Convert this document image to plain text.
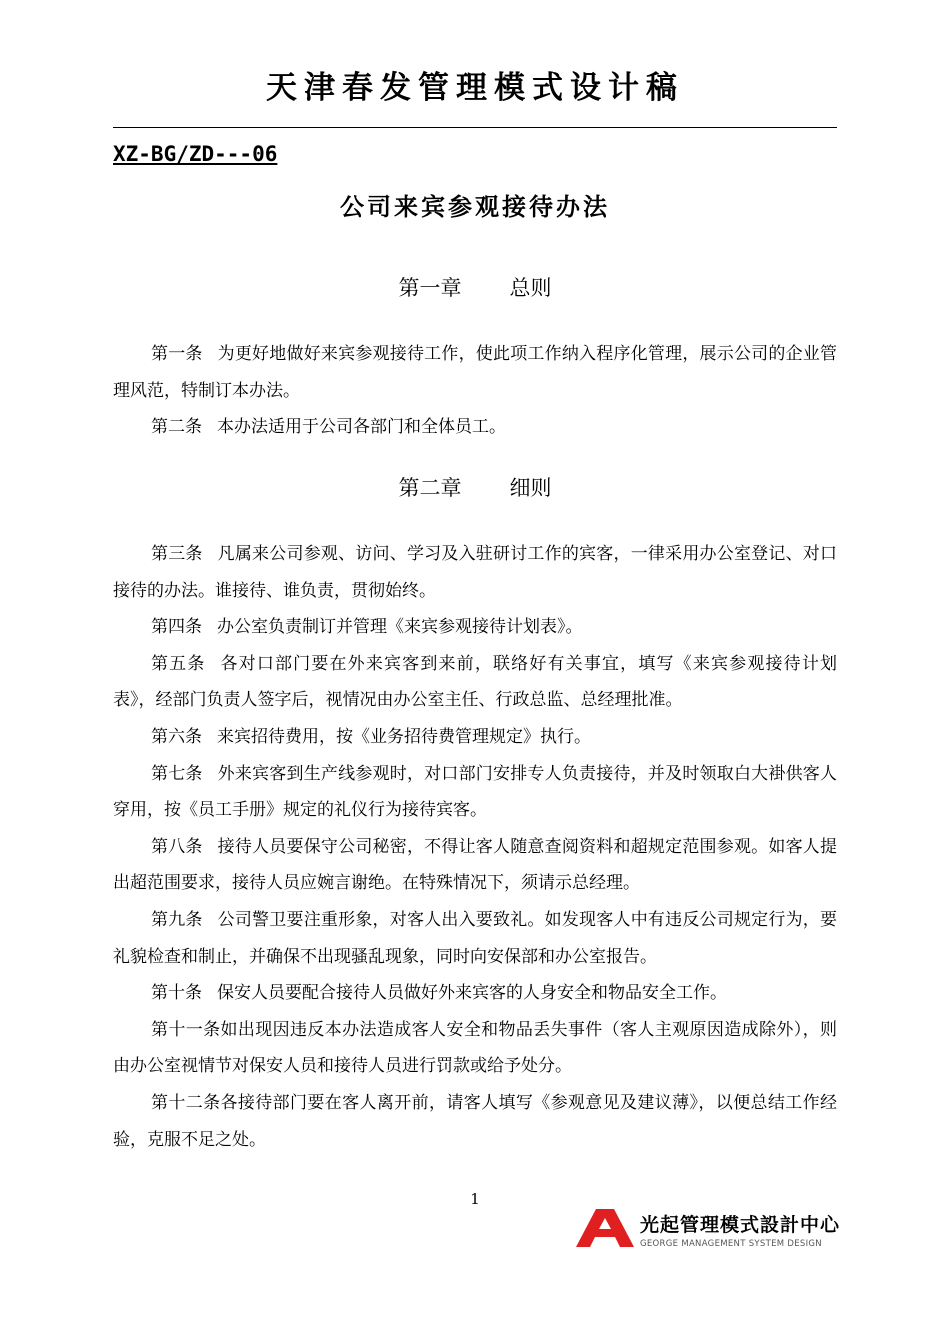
天津春发管理模式设计稿
XZ-BG/ZD---06
公司来宾参观接待办法
第一章 总则

第一条 为更好地做好来宾参观接待工作，使此项工作纳入程序化管理，展示公司的企业管理风范，特制订本办法。

第二条 本办法适用于公司各部门和全体员工。

第二章 细则

第三条 凡属来公司参观、访问、学习及入驻研讨工作的宾客，一律采用办公室登记、对口接待的办法。谁接待、谁负责，贯彻始终。

第四条 办公室负责制订并管理《来宾参观接待计划表》。

第五条 各对口部门要在外来宾客到来前，联络好有关事宜，填写《来宾参观接待计划表》，经部门负责人签字后，视情况由办公室主任、行政总监、总经理批准。

第六条 来宾招待费用，按《业务招待费管理规定》执行。

第七条 外来宾客到生产线参观时，对口部门安排专人负责接待，并及时领取白大褂供客人穿用，按《员工手册》规定的礼仪行为接待宾客。

第八条 接待人员要保守公司秘密，不得让客人随意查阅资料和超规定范围参观。如客人提出超范围要求，接待人员应婉言谢绝。在特殊情况下，须请示总经理。

第九条 公司警卫要注重形象，对客人出入要致礼。如发现客人中有违反公司规定行为，要礼貌检查和制止，并确保不出现骚乱现象，同时向安保部和办公室报告。

第十条 保安人员要配合接待人员做好外来宾客的人身安全和物品安全工作。

第十一条如出现因违反本办法造成客人安全和物品丢失事件（客人主观原因造成除外），则由办公室视情节对保安人员和接待人员进行罚款或给予处分。

第十二条各接待部门要在客人离开前，请客人填写《参观意见及建议薄》，以便总结工作经验，克服不足之处。

1
光起管理模式設計中心
GEORGE MANAGEMENT SYSTEM DESIGN
